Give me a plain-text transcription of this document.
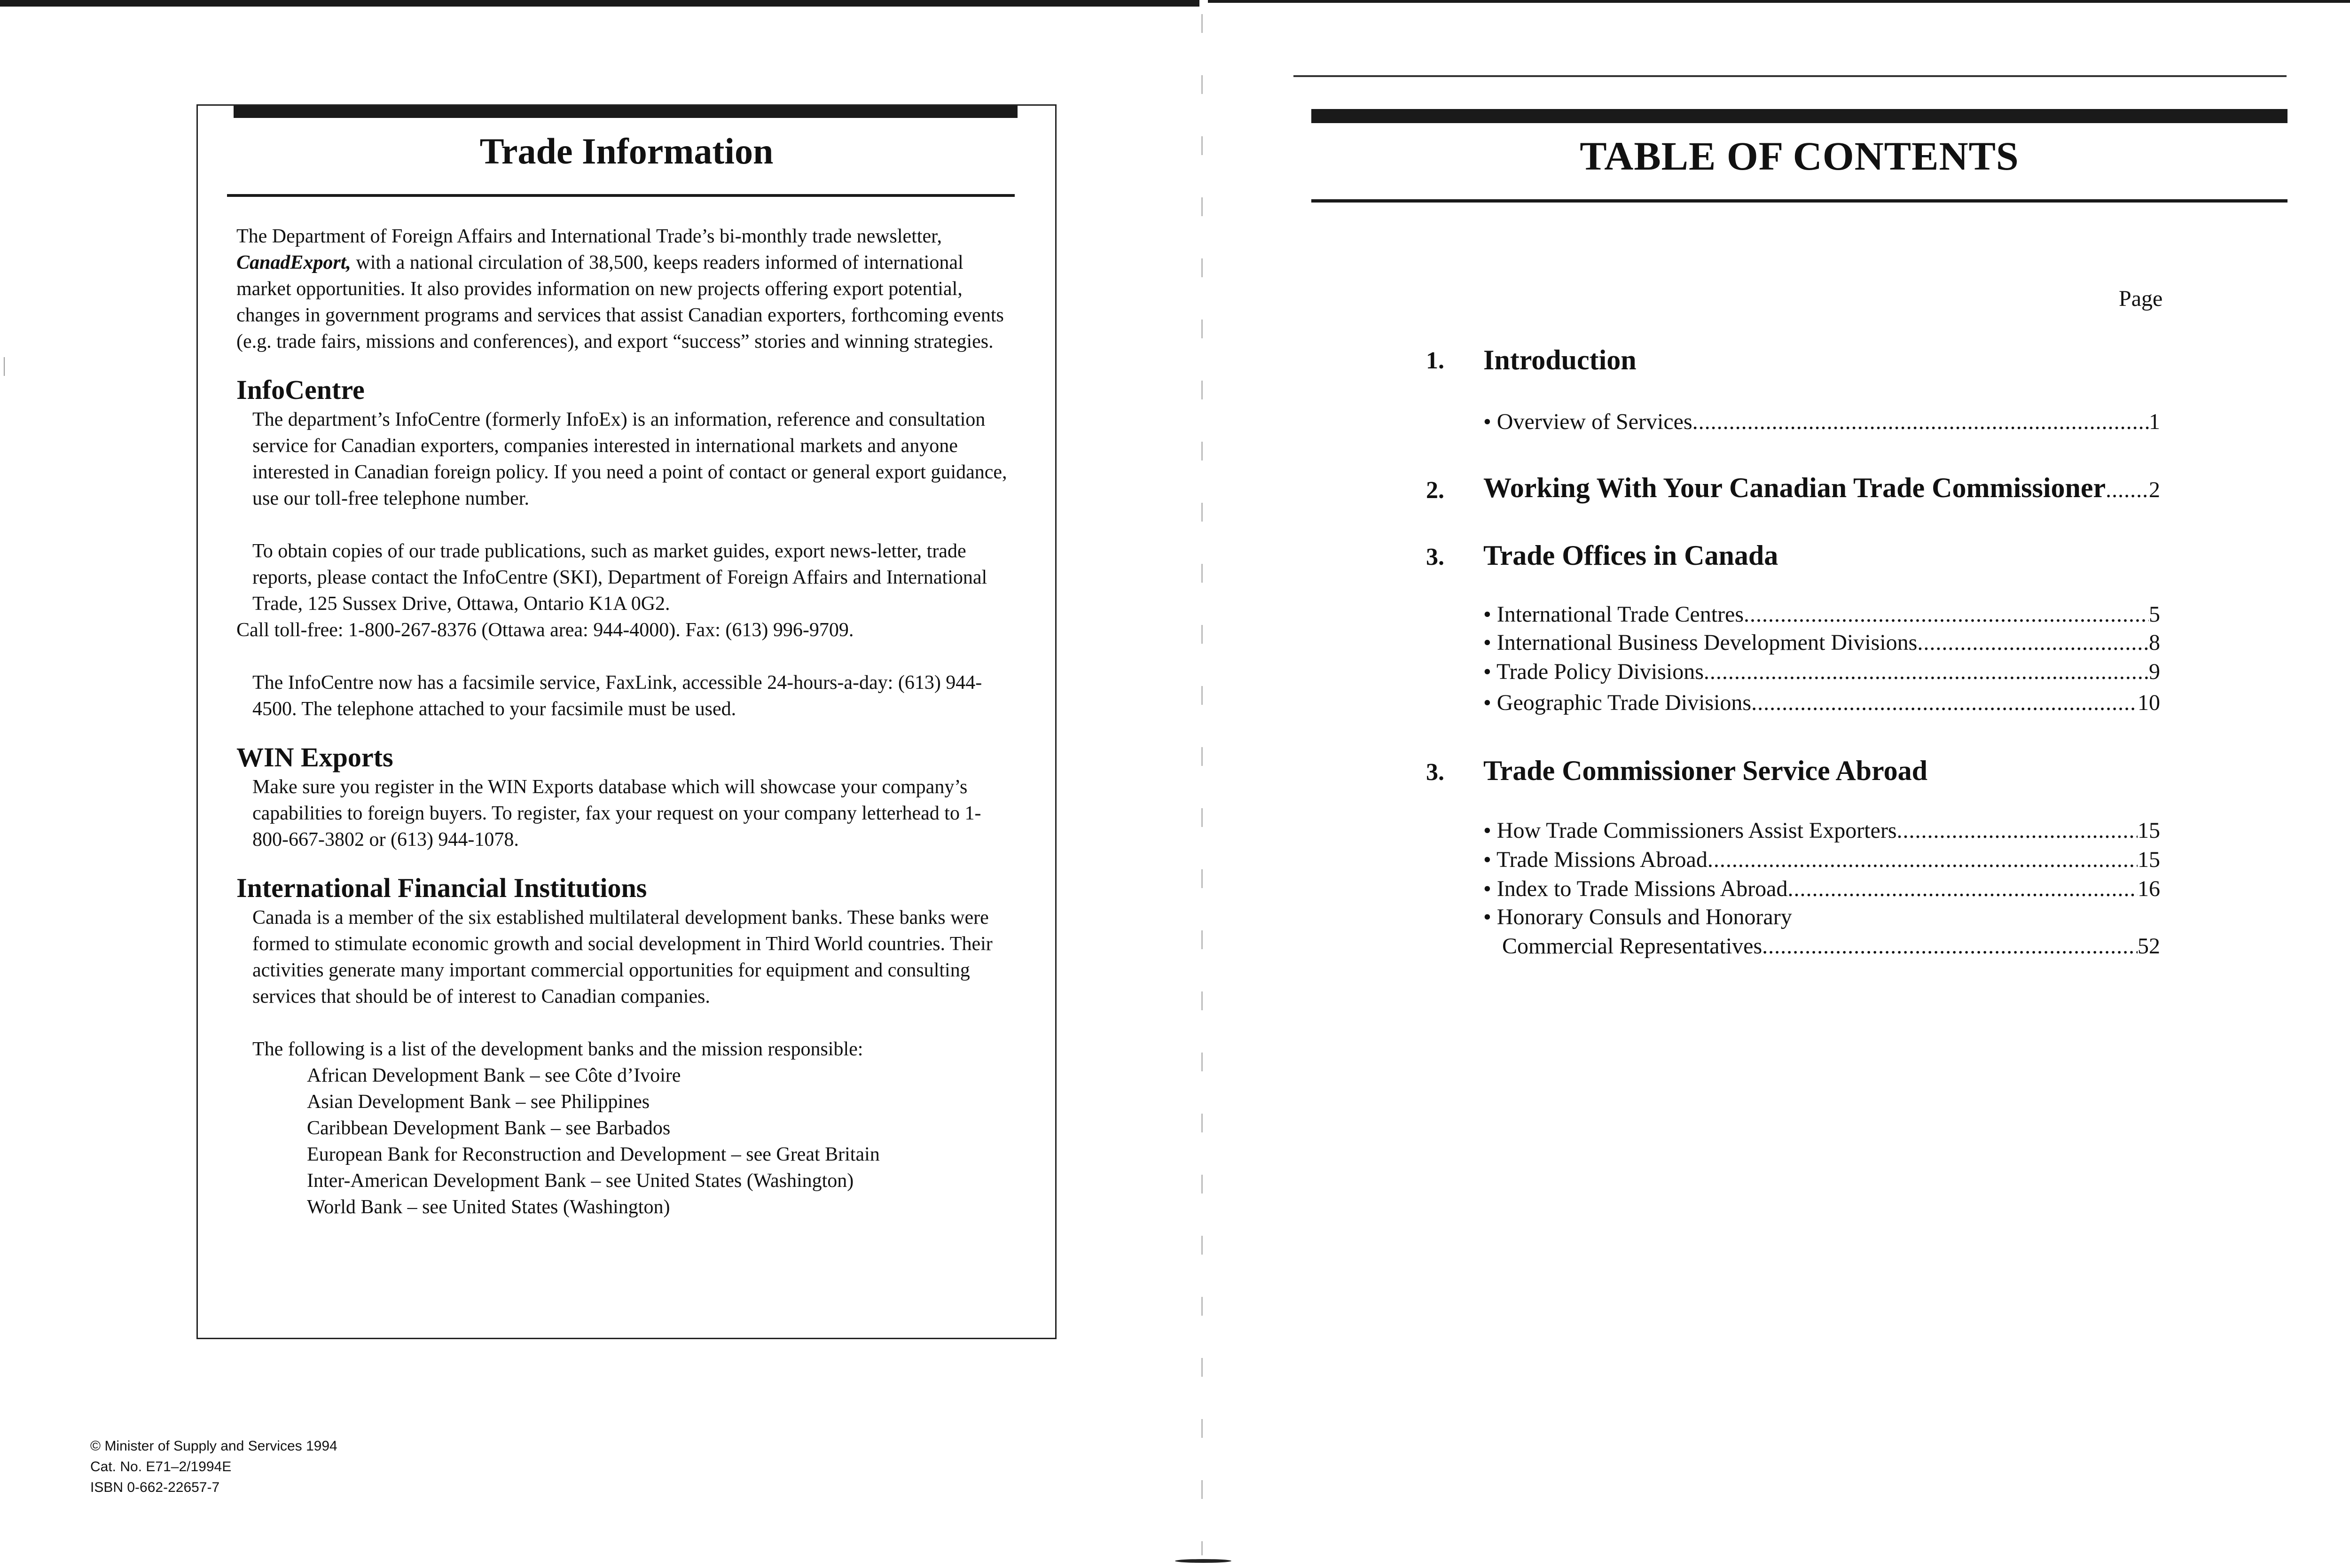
Trade Information

The Department of Foreign Affairs and International Trade’s bi-monthly trade newsletter, CanadExport, with a national circulation of 38,500, keeps readers informed of international market opportunities. It also provides information on new projects offering export potential, changes in government programs and services that assist Canadian exporters, forthcoming events (e.g. trade fairs, missions and conferences), and export “success” stories and winning strategies.

InfoCentre

The department’s InfoCentre (formerly InfoEx) is an information, reference and consultation service for Canadian exporters, companies interested in international markets and anyone interested in Canadian foreign policy. If you need a point of contact or general export guidance, use our toll-free telephone number.

To obtain copies of our trade publications, such as market guides, export news-letter, trade reports, please contact the InfoCentre (SKI), Department of Foreign Affairs and International Trade, 125 Sussex Drive, Ottawa, Ontario K1A 0G2.

Call toll-free: 1-800-267-8376 (Ottawa area: 944-4000). Fax: (613) 996-9709.

The InfoCentre now has a facsimile service, FaxLink, accessible 24-hours-a-day: (613) 944-4500. The telephone attached to your facsimile must be used.

WIN Exports

Make sure you register in the WIN Exports database which will showcase your company’s capabilities to foreign buyers. To register, fax your request on your company letterhead to 1-800-667-3802 or (613) 944-1078.

International Financial Institutions

Canada is a member of the six established multilateral development banks. These banks were formed to stimulate economic growth and social development in Third World countries. Their activities generate many important commercial opportunities for equipment and consulting services that should be of interest to Canadian companies.

The following is a list of the development banks and the mission responsible:

African Development Bank – see Côte d’Ivoire
Asian Development Bank – see Philippines
Caribbean Development Bank – see Barbados
European Bank for Reconstruction and Development – see Great Britain
Inter-American Development Bank – see United States (Washington)
World Bank – see United States (Washington)
© Minister of Supply and Services 1994
Cat. No. E71–2/1994E
ISBN 0-662-22657-7
TABLE OF CONTENTS
Page
1. Introduction
• Overview of Services .....	1
2. Working With Your Canadian Trade Commissioner ..... 2
3. Trade Offices in Canada
• International Trade Centres .....	5
• International Business Development Divisions .....	8
• Trade Policy Divisions .....	9
• Geographic Trade Divisions .....	10
3. Trade Commissioner Service Abroad
• How Trade Commissioners Assist Exporters .....	15
• Trade Missions Abroad .....	15
• Index to Trade Missions Abroad .....	16
• Honorary Consuls and Honorary
Commercial Representatives .....	52
